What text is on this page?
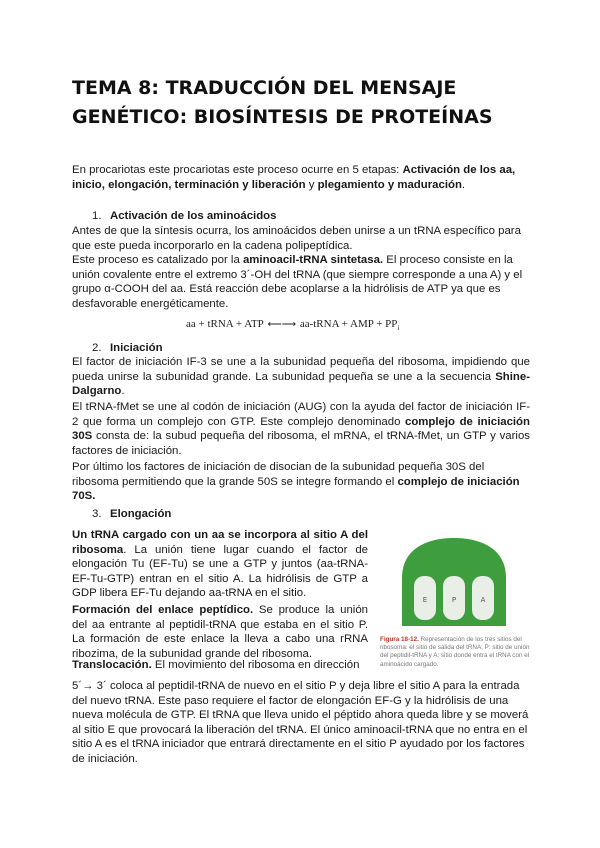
TEMA 8: TRADUCCIÓN DEL MENSAJE GENÉTICO: BIOSÍNTESIS DE PROTEÍNAS

En procariotas este procariotas este proceso ocurre en 5 etapas: Activación de los aa, inicio, elongación, terminación y liberación y plegamiento y maduración.

1. Activación de los aminoácidos

Antes de que la síntesis ocurra, los aminoácidos deben unirse a un tRNA específico para que este pueda incorporarlo en la cadena polipeptídica.

Este proceso es catalizado por la aminoacil-tRNA sintetasa. El proceso consiste en la unión covalente entre el extremo 3´-OH del tRNA (que siempre corresponde a una A) y el grupo α-COOH del aa. Está reacción debe acoplarse a la hidrólisis de ATP ya que es desfavorable energéticamente.

aa + tRNA + ATP ⟵⟶ aa-tRNA + AMP + $PP_i$

2. Iniciación

El factor de iniciación IF-3 se une a la subunidad pequeña del ribosoma, impidiendo que pueda unirse la subunidad grande. La subunidad pequeña se une a la secuencia Shine-Dalgarno.

El tRNA-fMet se une al codón de iniciación (AUG) con la ayuda del factor de iniciación IF-2 que forma un complejo con GTP. Este complejo denominado complejo de iniciación 30S consta de: la subud pequeña del ribosoma, el mRNA, el tRNA-fMet, un GTP y varios factores de iniciación.

Por último los factores de iniciación de disocian de la subunidad pequeña 30S del ribosoma permitiendo que la grande 50S se integre formando el complejo de iniciación 70S.

3. Elongación

Un tRNA cargado con un aa se incorpora al sitio A del ribosoma. La unión tiene lugar cuando el factor de elongación Tu (EF-Tu) se une a GTP y juntos (aa-tRNA-EF-Tu-GTP) entran en el sitio A. La hidrólisis de GTP a GDP libera EF-Tu dejando aa-tRNA en el sitio.

Formación del enlace peptídico. Se produce la unión del aa entrante al peptidil-tRNA que estaba en el sitio P. La formación de este enlace la lleva a cabo una rRNA ribozima, de la subunidad grande del ribosoma.

Translocación. El movimiento del ribosoma en dirección

E	P	A
Figura 18-12. Representación de los tres sitios del ribosoma: el sitio de salida del tRNA; P: sitio de unión del peptidil-tRNA y A: sitio donde entra el tRNA con el aminoácido cargado.

5´→ 3´ coloca al peptidil-tRNA de nuevo en el sitio P y deja libre el sitio A para la entrada del nuevo tRNA. Este paso requiere el factor de elongación EF-G y la hidrólisis de una nueva molécula de GTP. El tRNA que lleva unido el péptido ahora queda libre y se moverá al sitio E que provocará la liberación del tRNA. El único aminoacil-tRNA que no entra en el sitio A es el tRNA iniciador que entrará directamente en el sitio P ayudado por los factores de iniciación.
